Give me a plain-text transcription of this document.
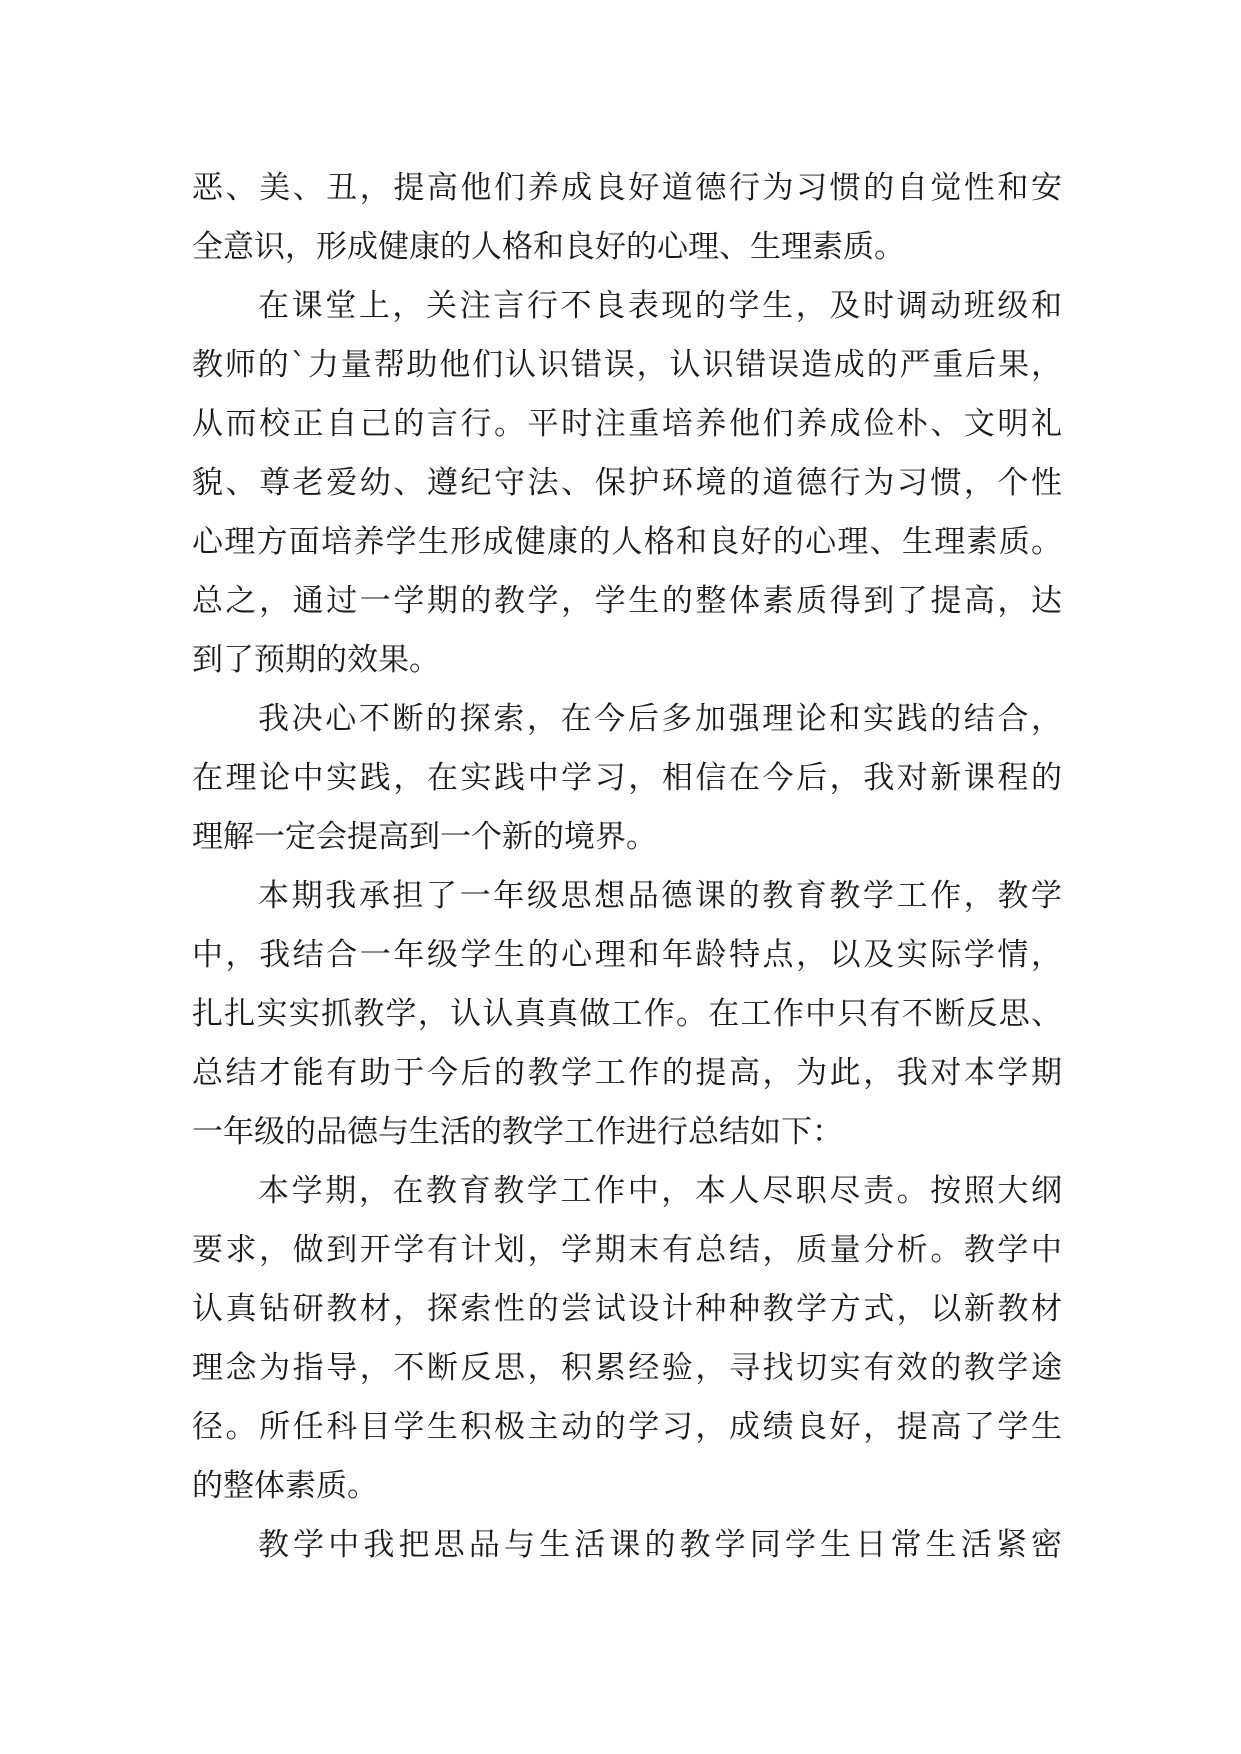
恶、美、丑，提高他们养成良好道德行为习惯的自觉性和安
全意识，形成健康的人格和良好的心理、生理素质。
在课堂上，关注言行不良表现的学生，及时调动班级和
教师的`力量帮助他们认识错误，认识错误造成的严重后果，
从而校正自己的言行。平时注重培养他们养成俭朴、文明礼
貌、尊老爱幼、遵纪守法、保护环境的道德行为习惯，个性
心理方面培养学生形成健康的人格和良好的心理、生理素质。
总之，通过一学期的教学，学生的整体素质得到了提高，达
到了预期的效果。
我决心不断的探索，在今后多加强理论和实践的结合，
在理论中实践，在实践中学习，相信在今后，我对新课程的
理解一定会提高到一个新的境界。
本期我承担了一年级思想品德课的教育教学工作，教学
中，我结合一年级学生的心理和年龄特点，以及实际学情，
扎扎实实抓教学，认认真真做工作。在工作中只有不断反思、
总结才能有助于今后的教学工作的提高，为此，我对本学期
一年级的品德与生活的教学工作进行总结如下：
本学期，在教育教学工作中，本人尽职尽责。按照大纲
要求，做到开学有计划，学期末有总结，质量分析。教学中
认真钻研教材，探索性的尝试设计种种教学方式，以新教材
理念为指导，不断反思，积累经验，寻找切实有效的教学途
径。所任科目学生积极主动的学习，成绩良好，提高了学生
的整体素质。
教学中我把思品与生活课的教学同学生日常生活紧密
